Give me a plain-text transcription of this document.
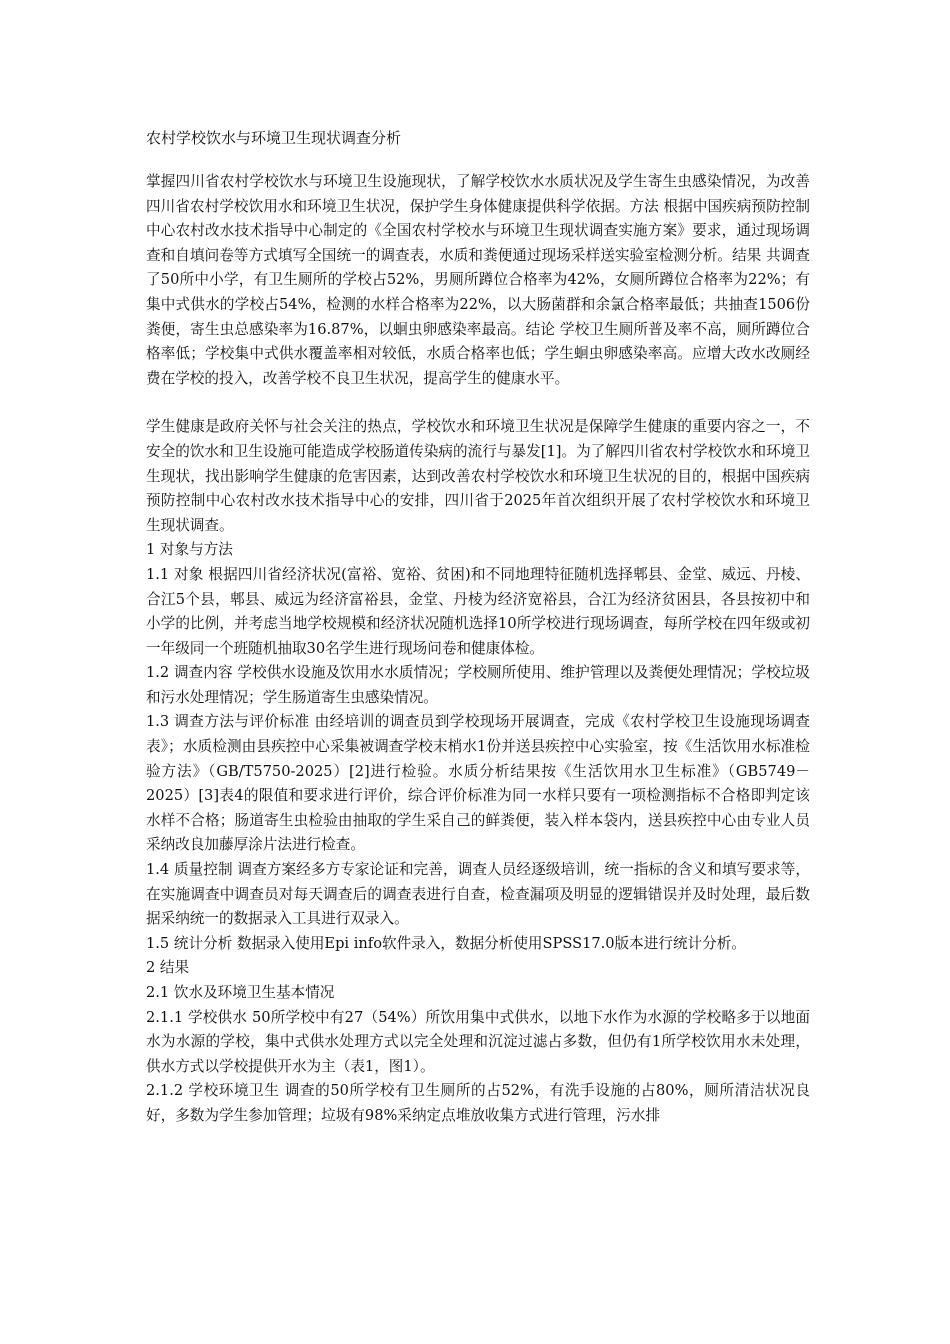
农村学校饮水与环境卫生现状调查分析

掌握四川省农村学校饮水与环境卫生设施现状，了解学校饮水水质状况及学生寄生虫感染情况，为改善四川省农村学校饮用水和环境卫生状况，保护学生身体健康提供科学依据。方法 根据中国疾病预防控制中心农村改水技术指导中心制定的《全国农村学校水与环境卫生现状调查实施方案》要求，通过现场调查和自填问卷等方式填写全国统一的调查表，水质和粪便通过现场采样送实验室检测分析。结果 共调查了50所中小学，有卫生厕所的学校占52%，男厕所蹲位合格率为42%，女厕所蹲位合格率为22%；有集中式供水的学校占54%，检测的水样合格率为22%，以大肠菌群和余氯合格率最低；共抽查1506份粪便，寄生虫总感染率为16.87%，以蛔虫卵感染率最高。结论 学校卫生厕所普及率不高，厕所蹲位合格率低；学校集中式供水覆盖率相对较低，水质合格率也低；学生蛔虫卵感染率高。应增大改水改厕经费在学校的投入，改善学校不良卫生状况，提高学生的健康水平。

学生健康是政府关怀与社会关注的热点，学校饮水和环境卫生状况是保障学生健康的重要内容之一，不安全的饮水和卫生设施可能造成学校肠道传染病的流行与暴发[1]。为了解四川省农村学校饮水和环境卫生现状，找出影响学生健康的危害因素，达到改善农村学校饮水和环境卫生状况的目的，根据中国疾病预防控制中心农村改水技术指导中心的安排，四川省于2025年首次组织开展了农村学校饮水和环境卫生现状调查。

1 对象与方法

1.1 对象 根据四川省经济状况(富裕、宽裕、贫困)和不同地理特征随机选择郫县、金堂、威远、丹棱、合江5个县，郫县、威远为经济富裕县，金堂、丹棱为经济宽裕县，合江为经济贫困县，各县按初中和小学的比例，并考虑当地学校规模和经济状况随机选择10所学校进行现场调查，每所学校在四年级或初一年级同一个班随机抽取30名学生进行现场问卷和健康体检。

1.2 调查内容 学校供水设施及饮用水水质情况；学校厕所使用、维护管理以及粪便处理情况；学校垃圾和污水处理情况；学生肠道寄生虫感染情况。

1.3 调查方法与评价标准 由经培训的调查员到学校现场开展调查，完成《农村学校卫生设施现场调查表》；水质检测由县疾控中心采集被调查学校末梢水1份并送县疾控中心实验室，按《生活饮用水标准检验方法》（GB/T5750-2025）[2]进行检验。水质分析结果按《生活饮用水卫生标准》（GB5749－2025）[3]表4的限值和要求进行评价，综合评价标准为同一水样只要有一项检测指标不合格即判定该水样不合格；肠道寄生虫检验由抽取的学生采自己的鲜粪便，装入样本袋内，送县疾控中心由专业人员采纳改良加藤厚涂片法进行检查。

1.4 质量控制 调查方案经多方专家论证和完善，调查人员经逐级培训，统一指标的含义和填写要求等，在实施调查中调查员对每天调查后的调查表进行自查，检查漏项及明显的逻辑错误并及时处理，最后数据采纳统一的数据录入工具进行双录入。

1.5 统计分析 数据录入使用Epi info软件录入，数据分析使用SPSS17.0版本进行统计分析。

2 结果
2.1 饮水及环境卫生基本情况

2.1.1 学校供水 50所学校中有27（54%）所饮用集中式供水，以地下水作为水源的学校略多于以地面水为水源的学校，集中式供水处理方式以完全处理和沉淀过滤占多数，但仍有1所学校饮用水未处理，供水方式以学校提供开水为主（表1，图1）。

2.1.2 学校环境卫生 调查的50所学校有卫生厕所的占52%，有洗手设施的占80%，厕所清洁状况良好，多数为学生参加管理；垃圾有98%采纳定点堆放收集方式进行管理，污水排
